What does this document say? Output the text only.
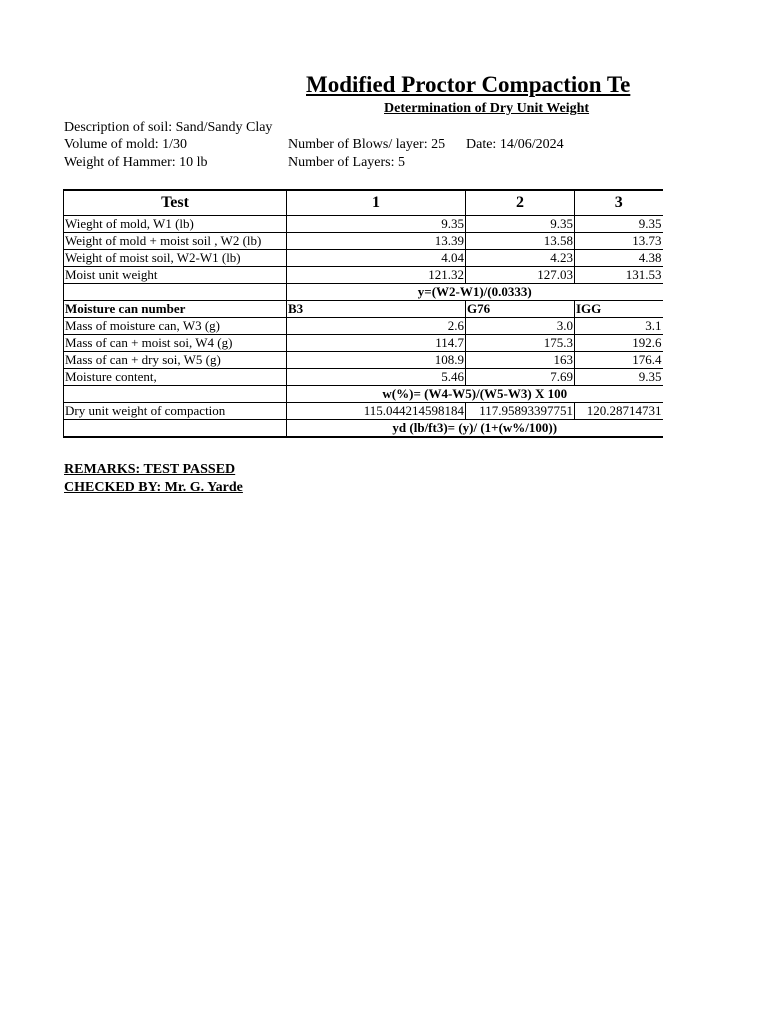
Modified Proctor Compaction Te
Determination of Dry Unit Weight
Description of soil: Sand/Sandy Clay
Volume of mold: 1/30
Weight of Hammer: 10 lb
Number of Blows/ layer: 25
Number of Layers: 5
Date: 14/06/2024
Test	1	2	3
Wieght of mold, W1 (lb)	9.35	9.35	9.35
Weight of mold + moist soil , W2 (lb)	13.39	13.58	13.73
Weight of moist soil, W2-W1 (lb)	4.04	4.23	4.38
Moist unit weight	121.32	127.03	131.53
	y=(W2-W1)/(0.0333)		
Moisture can number	B3	G76	IGG
Mass of moisture can, W3 (g)	2.6	3.0	3.1
Mass of can + moist soi, W4 (g)	114.7	175.3	192.6
Mass of can + dry soi, W5 (g)	108.9	163	176.4
Moisture content,	5.46	7.69	9.35
	w(%)= (W4-W5)/(W5-W3) X 100		
Dry unit weight of compaction	115.044214598184	117.95893397751	120.28714731
	yd (lb/ft3)= (y)/ (1+(w%/100))		
REMARKS: TEST PASSED
CHECKED BY: Mr. G. Yarde
